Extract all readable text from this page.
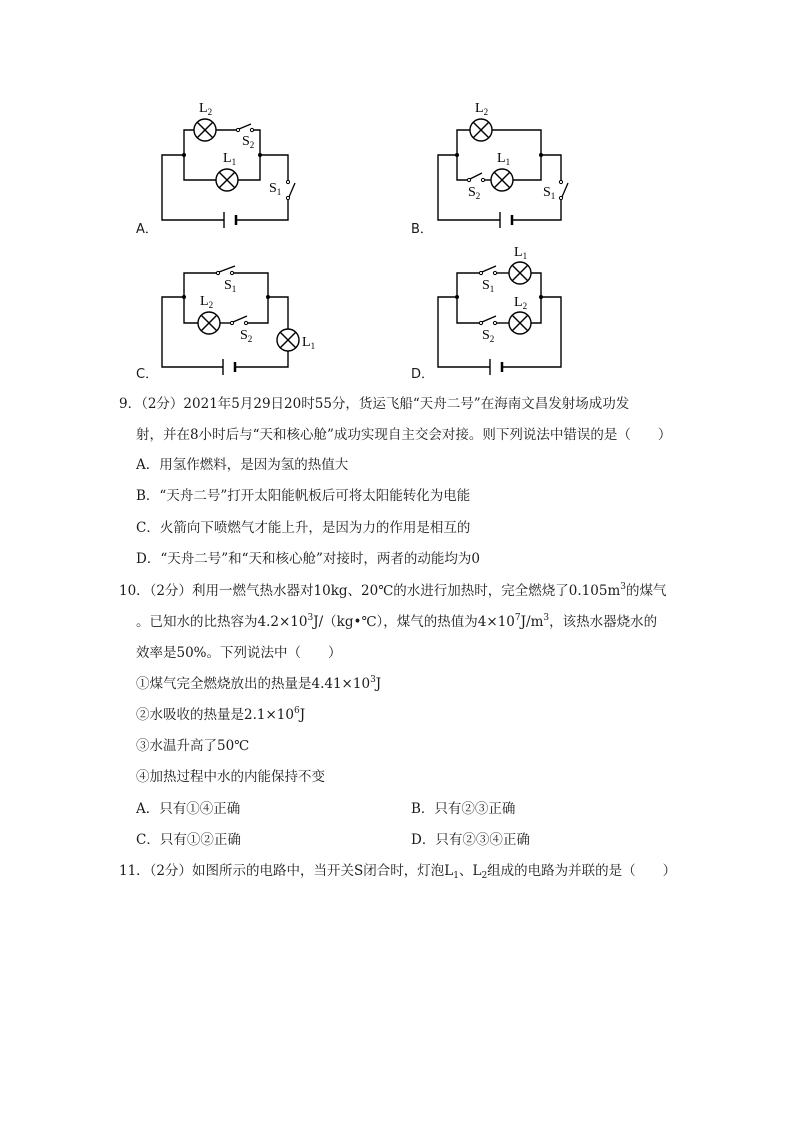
$L_2$
$S_2$
$L_1$
$S_1$
A．
$L_2$
$L_1$
$S_2$	$S_1$
B．
$S_1$
$L_2$
$S_2$	$L_1$
C．
$L_1$
$S_1$
$L_2$
$S_2$
D．
9．（2分）2021年5月29日20时55分，货运飞船“天舟二号”在海南文昌发射场成功发
射，并在8小时后与“天和核心舱”成功实现自主交会对接。则下列说法中错误的是（　　）
A．用氢作燃料，是因为氢的热值大
B．“天舟二号”打开太阳能帆板后可将太阳能转化为电能
C．火箭向下喷燃气才能上升，是因为力的作用是相互的
D．“天舟二号”和“天和核心舱”对接时，两者的动能均为0
10．（2分）利用一燃气热水器对10kg、20℃的水进行加热时，完全燃烧了$0.105m^3$的煤气
。已知水的比热容为$4.2\times 10^3J/(kg•℃)$，煤气的热值为$4\times 10^7J/m^3$，该热水器烧水的
效率是50%。下列说法中（　　）
①煤气完全燃烧放出的热量是$4.41\times 10^3J$
②水吸收的热量是$2.1\times 10^6J$
③水温升高了50℃
④加热过程中水的内能保持不变
A．只有①④正确	B．只有②③正确
C．只有①②正确	D．只有②③④正确
11．（2分）如图所示的电路中，当开关S闭合时，灯泡$L_1$、$L_2$组成的电路为并联的是（　　）
